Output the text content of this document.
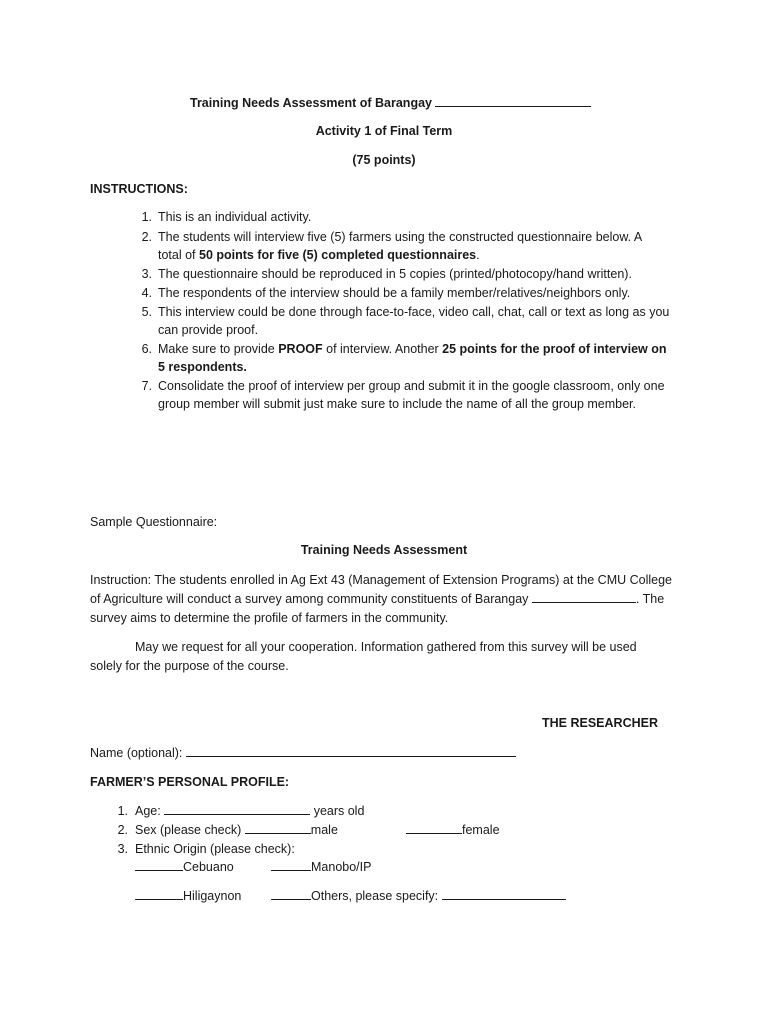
Training Needs Assessment of Barangay
Activity 1 of Final Term
(75 points)
INSTRUCTIONS:
1. This is an individual activity.
2. The students will interview five (5) farmers using the constructed questionnaire below. A
total of 50 points for five (5) completed questionnaires.
3. The questionnaire should be reproduced in 5 copies (printed/photocopy/hand written).
4. The respondents of the interview should be a family member/relatives/neighbors only.
5. This interview could be done through face-to-face, video call, chat, call or text as long as you
can provide proof.
6. Make sure to provide PROOF of interview. Another 25 points for the proof of interview on
5 respondents.
7. Consolidate the proof of interview per group and submit it in the google classroom, only one
group member will submit just make sure to include the name of all the group member.
Sample Questionnaire:
Training Needs Assessment
Instruction: The students enrolled in Ag Ext 43 (Management of Extension Programs) at the CMU College
of Agriculture will conduct a survey among community constituents of Barangay	. The
survey aims to determine the profile of farmers in the community.
May we request for all your cooperation. Information gathered from this survey will be used
solely for the purpose of the course.
THE RESEARCHER
Name (optional):
FARMER’S PERSONAL PROFILE:
1. Age:	years old
2. Sex (please check)	male	female
3. Ethnic Origin (please check):
Cebuano	Manobo/IP
Hiligaynon	Others, please specify:
